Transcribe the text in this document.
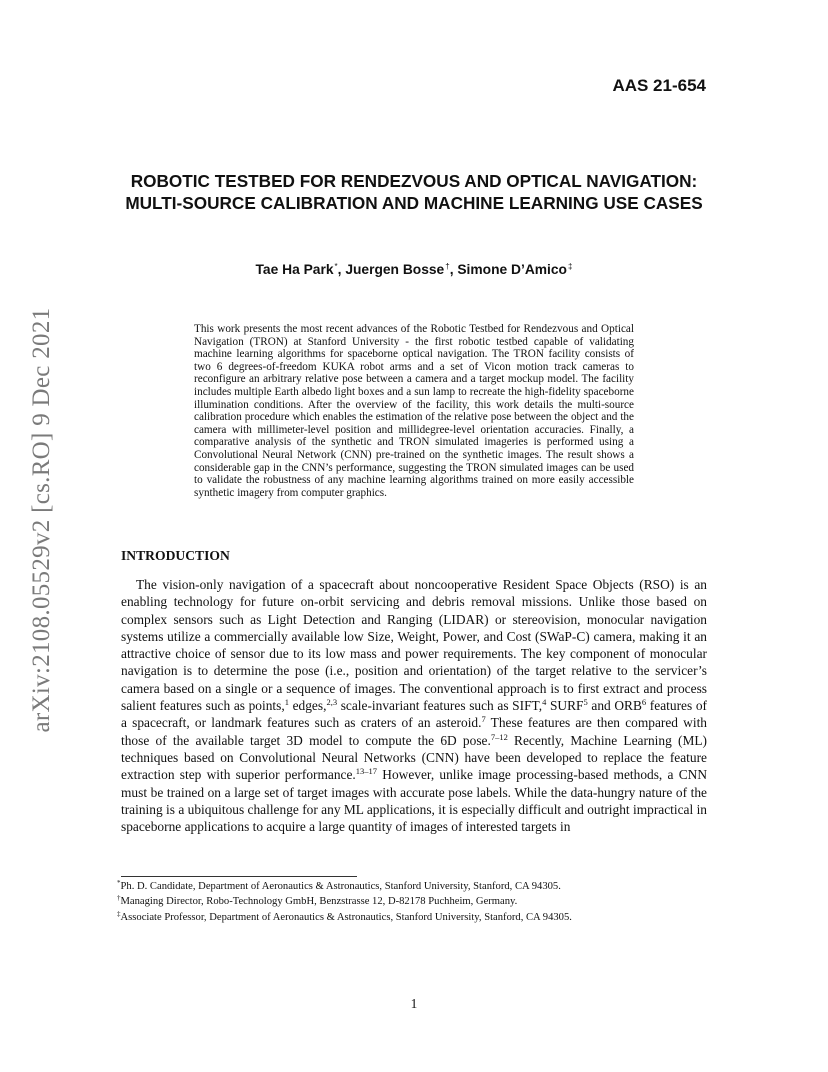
AAS 21-654

arXiv:2108.05529v2 [cs.RO] 9 Dec 2021
ROBOTIC TESTBED FOR RENDEZVOUS AND OPTICAL NAVIGATION: MULTI-SOURCE CALIBRATION AND MACHINE LEARNING USE CASES

Tae Ha Park*, Juergen Bosse†, Simone D’Amico‡

This work presents the most recent advances of the Robotic Testbed for Rendezvous and Optical Navigation (TRON) at Stanford University - the first robotic testbed capable of validating machine learning algorithms for spaceborne optical navigation. The TRON facility consists of two 6 degrees-of-freedom KUKA robot arms and a set of Vicon motion track cameras to reconfigure an arbitrary relative pose between a camera and a target mockup model. The facility includes multiple Earth albedo light boxes and a sun lamp to recreate the high-fidelity spaceborne illumination conditions. After the overview of the facility, this work details the multi-source calibration procedure which enables the estimation of the relative pose between the object and the camera with millimeter-level position and millidegree-level orientation accuracies. Finally, a comparative analysis of the synthetic and TRON simulated imageries is performed using a Convolutional Neural Network (CNN) pre-trained on the synthetic images. The result shows a considerable gap in the CNN’s performance, suggesting the TRON simulated images can be used to validate the robustness of any machine learning algorithms trained on more easily accessible synthetic imagery from computer graphics.

INTRODUCTION

The vision-only navigation of a spacecraft about noncooperative Resident Space Objects (RSO) is an enabling technology for future on-orbit servicing and debris removal missions. Unlike those based on complex sensors such as Light Detection and Ranging (LIDAR) or stereovision, monocular navigation systems utilize a commercially available low Size, Weight, Power, and Cost (SWaP-C) camera, making it an attractive choice of sensor due to its low mass and power requirements. The key component of monocular navigation is to determine the pose (i.e., position and orientation) of the target relative to the servicer’s camera based on a single or a sequence of images. The conventional approach is to first extract and process salient features such as points,$^1$ edges,$^{2,3}$ scale-invariant features such as SIFT,$^4$ SURF$^5$ and ORB$^6$ features of a spacecraft, or landmark features such as craters of an asteroid.$^7$ These features are then compared with those of the available target 3D model to compute the 6D pose.$^{7-12}$ Recently, Machine Learning (ML) techniques based on Convolutional Neural Networks (CNN) have been developed to replace the feature extraction step with superior performance.$^{13-17}$ However, unlike image processing-based methods, a CNN must be trained on a large set of target images with accurate pose labels. While the data-hungry nature of the training is a ubiquitous challenge for any ML applications, it is especially difficult and outright impractical in spaceborne applications to acquire a large quantity of images of interested targets in

*Ph. D. Candidate, Department of Aeronautics & Astronautics, Stanford University, Stanford, CA 94305.

†Managing Director, Robo-Technology GmbH, Benzstrasse 12, D-82178 Puchheim, Germany.

‡Associate Professor, Department of Aeronautics & Astronautics, Stanford University, Stanford, CA 94305.

1
